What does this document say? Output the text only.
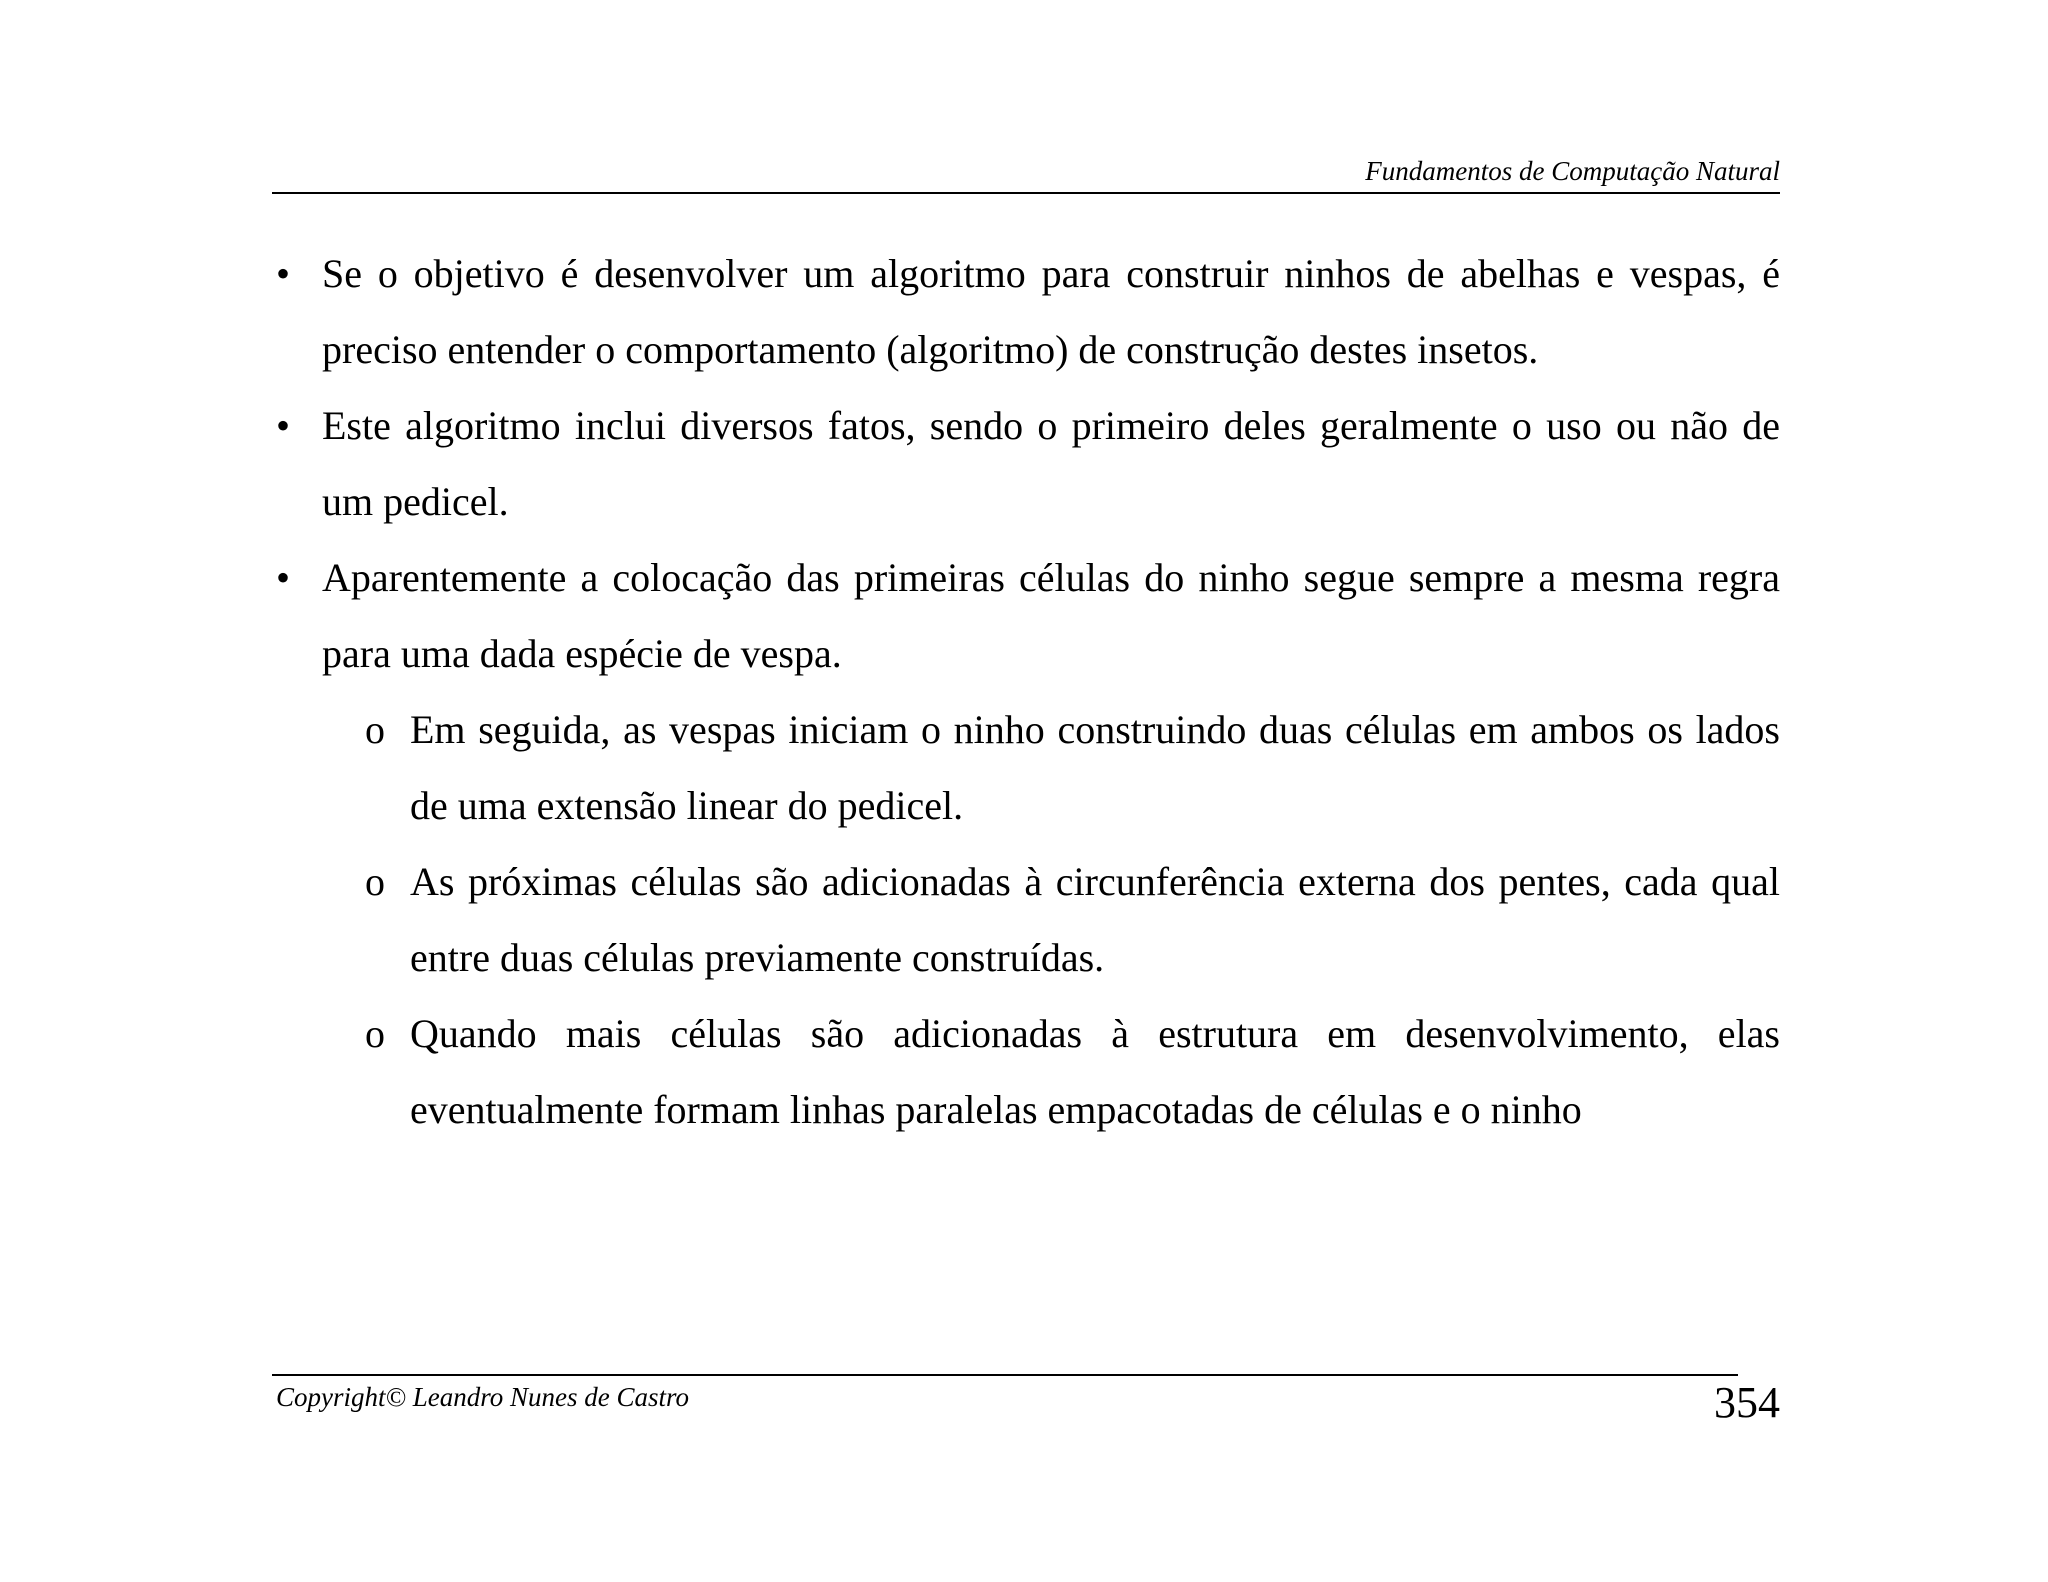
Fundamentos de Computação Natural
• Se o objetivo é desenvolver um algoritmo para construir ninhos de abelhas e vespas, é preciso entender o comportamento (algoritmo) de construção destes insetos.

• Este algoritmo inclui diversos fatos, sendo o primeiro deles geralmente o uso ou não de um pedicel.

• Aparentemente a colocação das primeiras células do ninho segue sempre a mesma regra para uma dada espécie de vespa.

o Em seguida, as vespas iniciam o ninho construindo duas células em ambos os lados de uma extensão linear do pedicel.

o As próximas células são adicionadas à circunferência externa dos pentes, cada qual entre duas células previamente construídas.

o Quando mais células são adicionadas à estrutura em desenvolvimento, elas eventualmente formam linhas paralelas empacotadas de células e o ninho

Copyright© Leandro Nunes de Castro	354
